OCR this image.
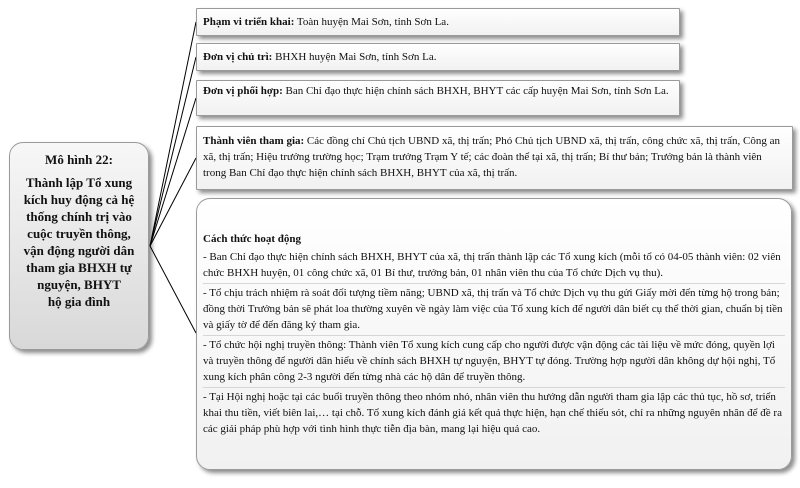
Mô hình 22:
Thành lập Tổ xung
kích huy động cả hệ
thống chính trị vào
cuộc truyền thông,
vận động người dân
tham gia BHXH tự
nguyện, BHYT
hộ gia đình
Phạm vi triển khai: Toàn huyện Mai Sơn, tỉnh Sơn La.
Đơn vị chủ trì: BHXH huyện Mai Sơn, tỉnh Sơn La.
Đơn vị phối hợp: Ban Chỉ đạo thực hiện chính sách BHXH, BHYT các cấp huyện Mai Sơn, tỉnh Sơn La.
Thành viên tham gia: Các đồng chí Chủ tịch UBND xã, thị trấn; Phó Chủ tịch UBND xã, thị trấn, công chức xã, thị trấn, Công an xã, thị trấn; Hiệu trưởng trường học; Trạm trưởng Trạm Y tế; các đoàn thể tại xã, thị trấn; Bí thư bản; Trưởng bản là thành viên trong Ban Chỉ đạo thực hiện chính sách BHXH, BHYT của xã, thị trấn.
Cách thức hoạt động

- Ban Chỉ đạo thực hiện chính sách BHXH, BHYT của xã, thị trấn thành lập các Tổ xung kích (mỗi tổ có 04-05 thành viên: 02 viên chức BHXH huyện, 01 công chức xã, 01 Bí thư, trưởng bản, 01 nhân viên thu của Tổ chức Dịch vụ thu).

- Tổ chịu trách nhiệm rà soát đối tượng tiềm năng; UBND xã, thị trấn và Tổ chức Dịch vụ thu gửi Giấy mời đến từng hộ trong bản; đồng thời Trưởng bản sẽ phát loa thường xuyên về ngày làm việc của Tổ xung kích để người dân biết cụ thể thời gian, chuẩn bị tiền và giấy tờ để đến đăng ký tham gia.

- Tổ chức hội nghị truyền thông: Thành viên Tổ xung kích cung cấp cho người được vận động các tài liệu về mức đóng, quyền lợi và truyền thông để người dân hiểu về chính sách BHXH tự nguyện, BHYT tự đóng. Trường hợp người dân không dự hội nghị, Tổ xung kích phân công 2-3 người đến từng nhà các hộ dân để truyền thông.

- Tại Hội nghị hoặc tại các buổi truyền thông theo nhóm nhỏ, nhân viên thu hướng dẫn người tham gia lập các thủ tục, hồ sơ, triển khai thu tiền, viết biên lai,… tại chỗ. Tổ xung kích đánh giá kết quả thực hiện, hạn chế thiếu sót, chỉ ra những nguyên nhân để đề ra các giải pháp phù hợp với tình hình thực tiễn địa bàn, mang lại hiệu quả cao.
